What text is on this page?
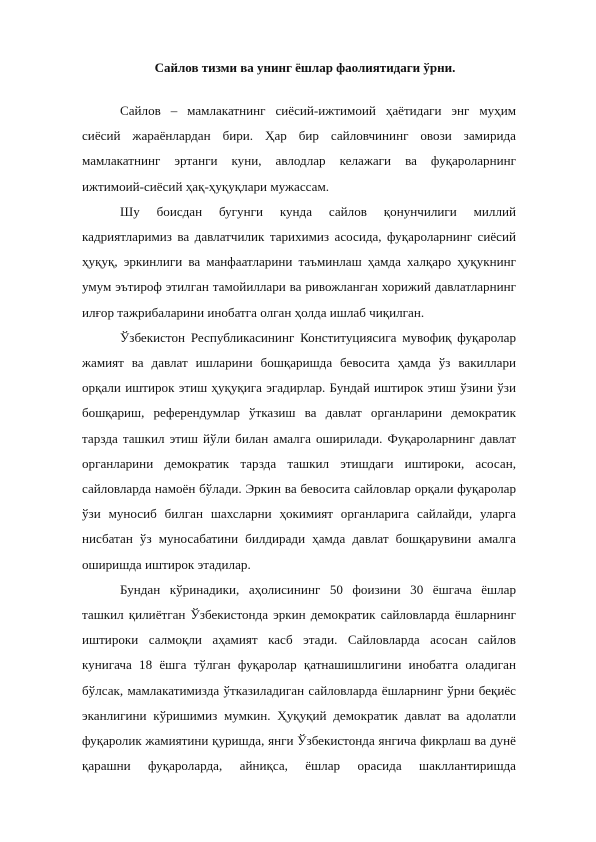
Сайлов тизми ва унинг ёшлар фаолиятидаги ўрни.

Сайлов – мамлакатнинг сиёсий-ижтимоий ҳаётидаги энг муҳим сиёсий жараёнлардан бири. Ҳар бир сайловчининг овози замирида мамлакатнинг эртанги куни, авлодлар келажаги ва фуқароларнинг ижтимоий-сиёсий ҳақ-ҳуқуқлари мужассам.

Шу боисдан бугунги кунда сайлов қонунчилиги миллий кадриятларимиз ва давлатчилик тарихимиз асосида, фуқароларнинг сиёсий ҳуқуқ, эркинлиги ва манфаатларини таъминлаш ҳамда халқаро ҳуқукнинг умум эътироф этилган тамойиллари ва ривожланган хорижий давлатларнинг илғор тажрибаларини инобатга олган ҳолда ишлаб чиқилган.

Ўзбекистон Республикасининг Конституциясига мувофиқ фуқаролар жамият ва давлат ишларини бошқаришда бевосита ҳамда ўз вакиллари орқали иштирок этиш ҳуқуқига эгадирлар. Бундай иштирок этиш ўзини ўзи бошқариш, референдумлар ўтказиш ва давлат органларини демократик тарзда ташкил этиш йўли билан амалга оширилади. Фуқароларнинг давлат органларини демократик тарзда ташкил этишдаги иштироки, асосан, сайловларда намоён бўлади. Эркин ва бевосита сайловлар орқали фуқаролар ўзи муносиб билган шахсларни ҳокимият органларига сайлайди, уларга нисбатан ўз муносабатини билдиради ҳамда давлат бошқарувини амалга оширишда иштирок этадилар.

Бундан кўринадики, аҳолисининг 50 фоизини 30 ёшгача ёшлар ташкил қилиётган Ўзбекистонда эркин демократик сайловларда ёшларнинг иштироки салмоқли аҳамият касб этади. Сайловларда асосан сайлов кунигача 18 ёшга тўлган фуқаролар қатнашишлигини инобатга оладиган бўлсак, мамлакатимизда ўтказиладиган сайловларда ёшларнинг ўрни беқиёс эканлигини кўришимиз мумкин. Ҳуқуқий демократик давлат ва адолатли фуқаролик жамиятини қуришда, янги Ўзбекистонда янгича фикрлаш ва дунё қарашни фуқароларда, айниқса, ёшлар орасида шакллантиришда
